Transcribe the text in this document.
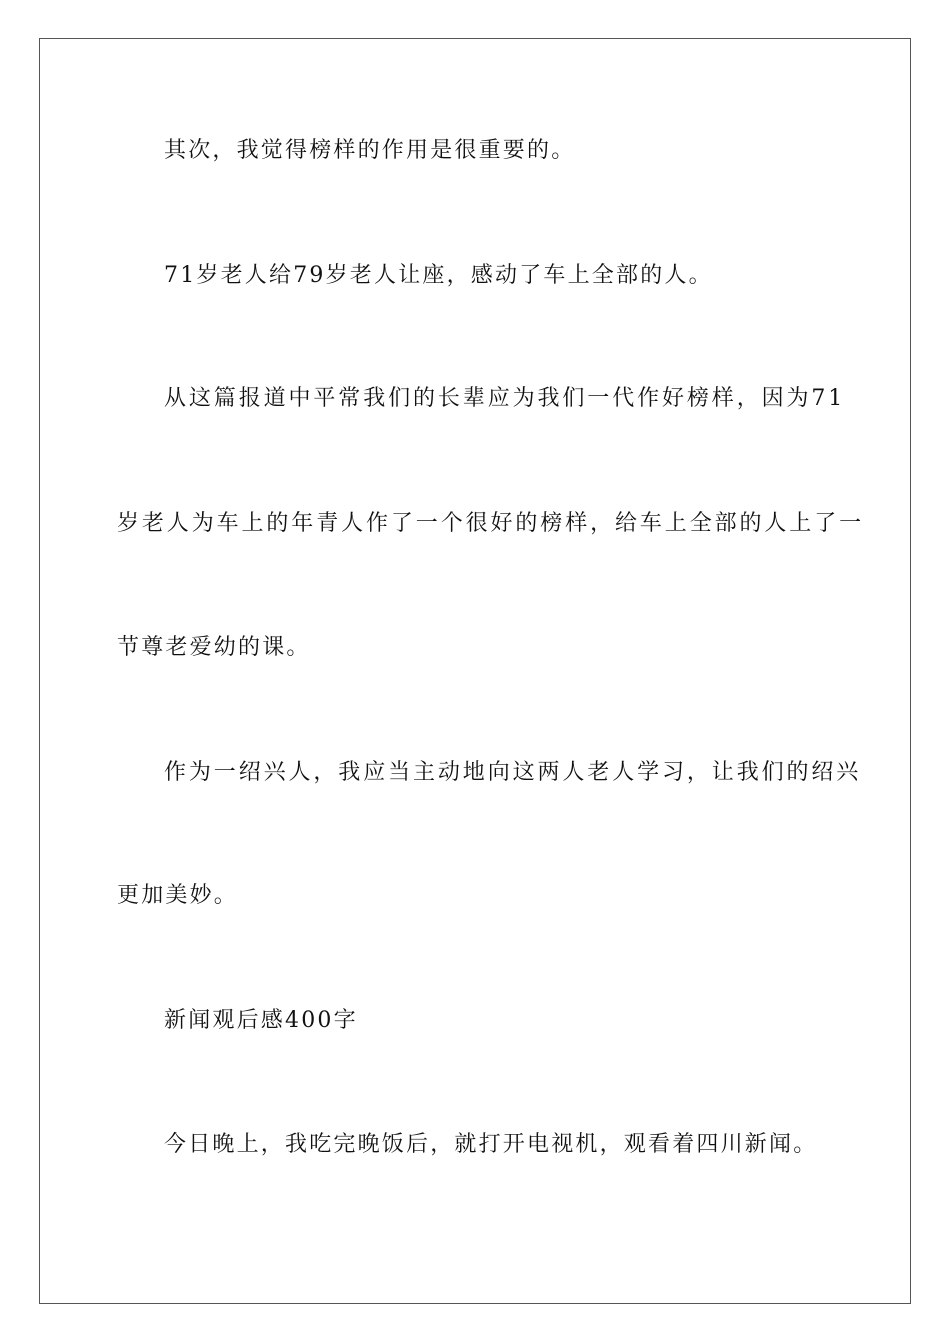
其次，我觉得榜样的作用是很重要的。
71岁老人给79岁老人让座，感动了车上全部的人。
从这篇报道中平常我们的长辈应为我们一代作好榜样，因为71
岁老人为车上的年青人作了一个很好的榜样，给车上全部的人上了一
节尊老爱幼的课。
作为一绍兴人，我应当主动地向这两人老人学习，让我们的绍兴
更加美妙。
新闻观后感400字
今日晚上，我吃完晚饭后，就打开电视机，观看着四川新闻。
